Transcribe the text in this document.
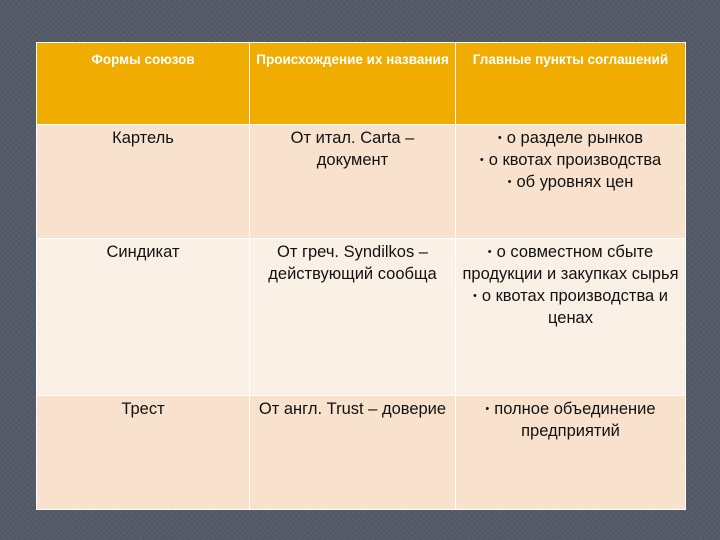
Формы союзов	Происхождение их названия	Главные пункты соглашений
Картель	От итал. Carta – документ	• о разделе рынков
• о квотах производства
• об уровнях цен

Синдикат	От греч. Syndilkos – действующий сообща	• о совместном сбыте продукции и закупках сырья
• о квотах производства и ценах

Трест	От англ. Trust – доверие	• полное объединение предприятий
